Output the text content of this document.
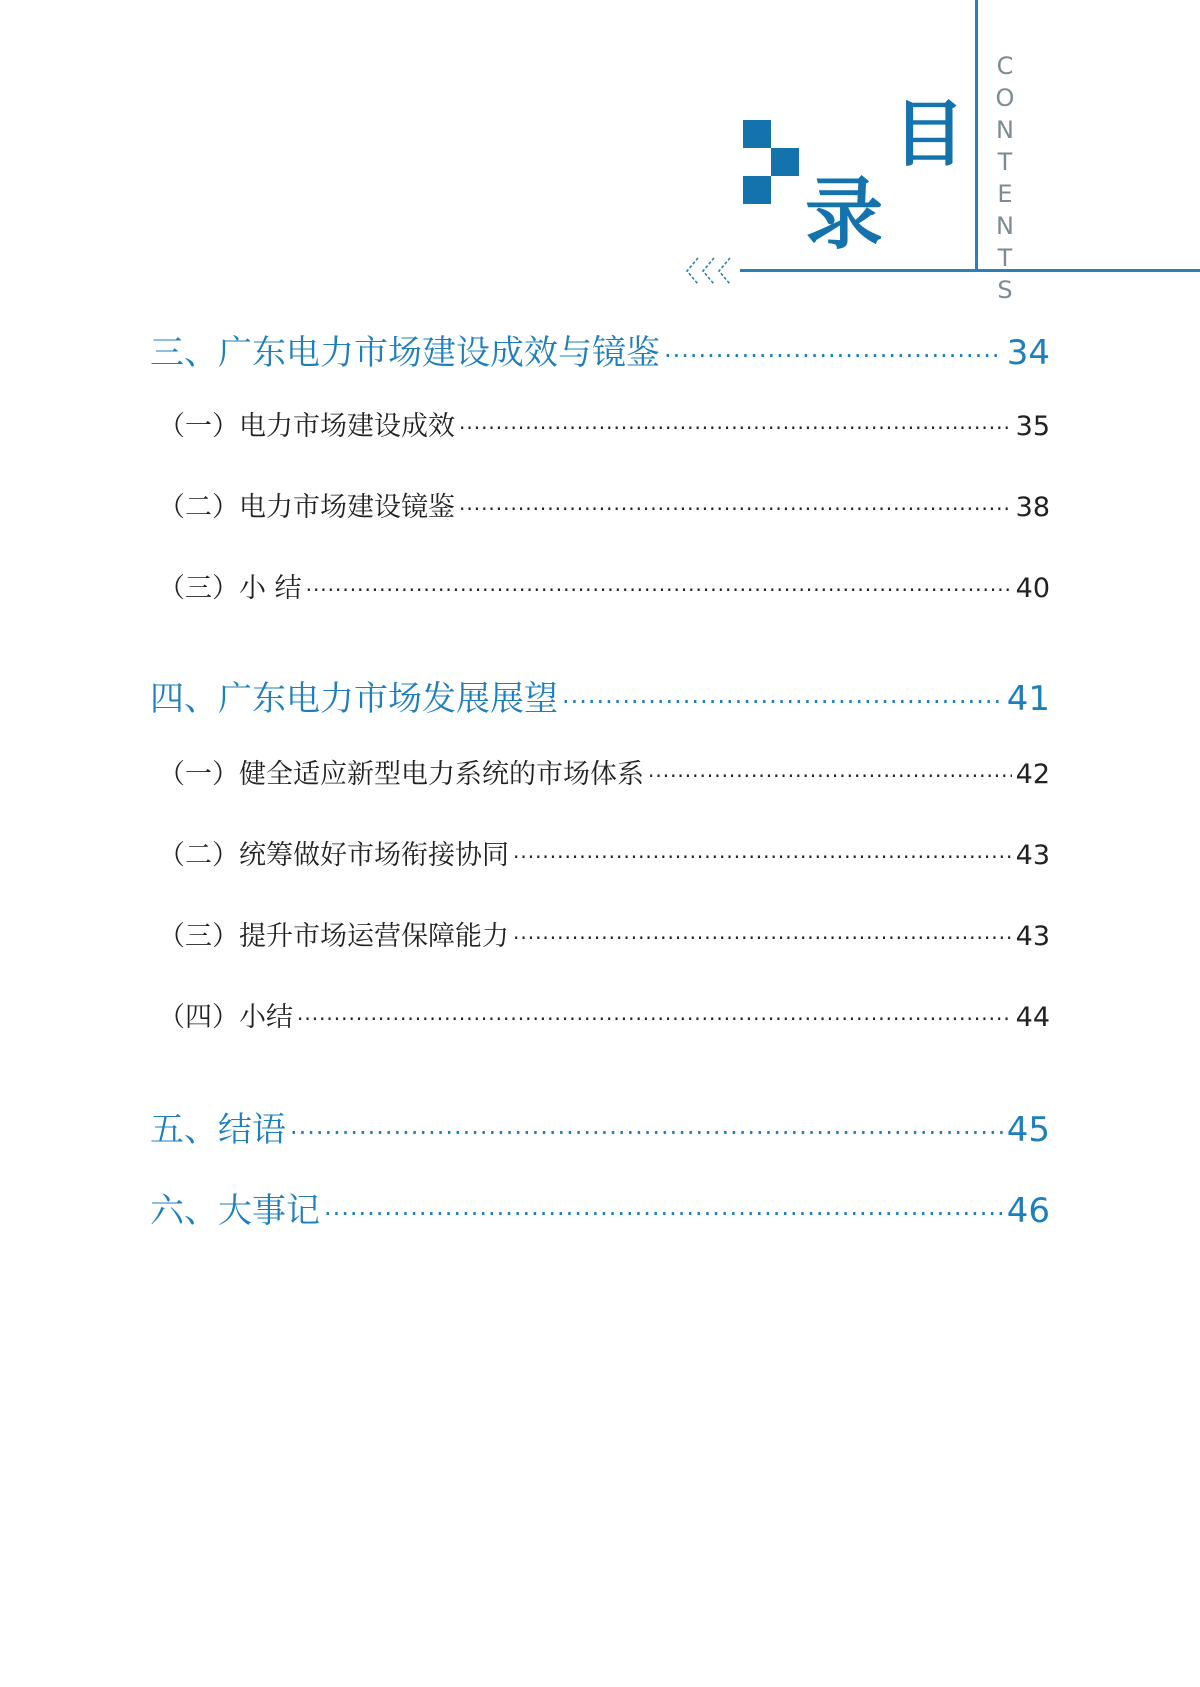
CONTENTS
目
录
三、广东电力市场建设成效与镜鉴 ·····	34
（一）电力市场建设成效 ·····	35
（二）电力市场建设镜鉴 ·····	38
（三）小 结 ·····	40
四、广东电力市场发展展望 ·····	41
（一）健全适应新型电力系统的市场体系 ·····	42
（二）统筹做好市场衔接协同 ·····	43
（三）提升市场运营保障能力 ·····	43
（四）小结 ·····	44
五、结语 ·····	45
六、大事记 ·····	46
